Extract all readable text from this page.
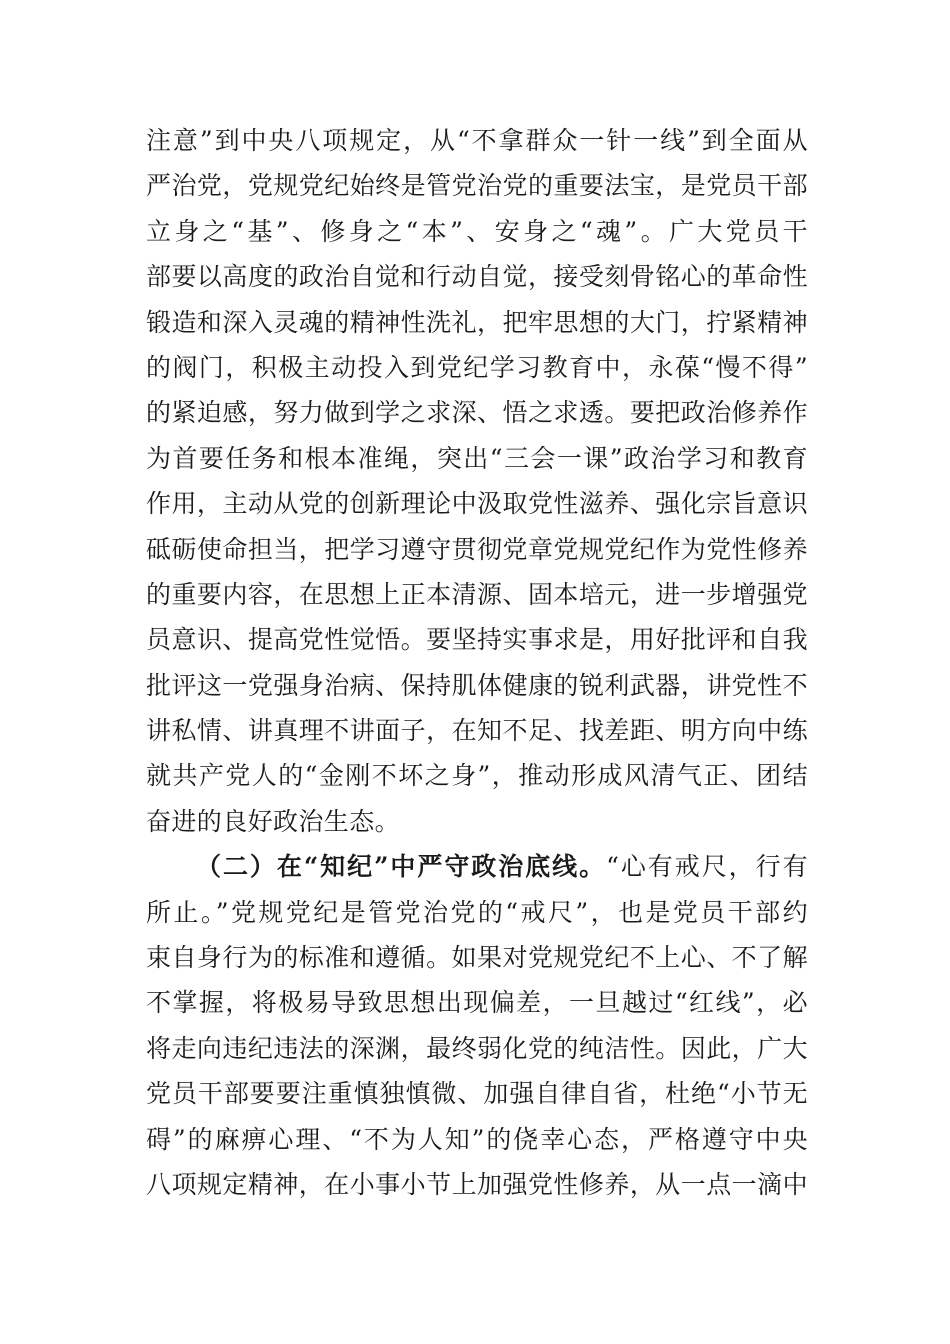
注意”到中央八项规定，从“不拿群众一针一线”到全面从
严治党，党规党纪始终是管党治党的重要法宝，是党员干部
立身之“基”、修身之“本”、安身之“魂”。广大党员干
部要以高度的政治自觉和行动自觉，接受刻骨铭心的革命性
锻造和深入灵魂的精神性洗礼，把牢思想的大门，拧紧精神
的阀门，积极主动投入到党纪学习教育中，永葆“慢不得”
的紧迫感，努力做到学之求深、悟之求透。要把政治修养作
为首要任务和根本准绳，突出“三会一课”政治学习和教育
作用，主动从党的创新理论中汲取党性滋养、强化宗旨意识
砥砺使命担当，把学习遵守贯彻党章党规党纪作为党性修养
的重要内容，在思想上正本清源、固本培元，进一步增强党
员意识、提高党性觉悟。要坚持实事求是，用好批评和自我
批评这一党强身治病、保持肌体健康的锐利武器，讲党性不
讲私情、讲真理不讲面子，在知不足、找差距、明方向中练
就共产党人的“金刚不坏之身”，推动形成风清气正、团结
奋进的良好政治生态。
（二）在“知纪”中严守政治底线。“心有戒尺，行有
所止。”党规党纪是管党治党的“戒尺”，也是党员干部约
束自身行为的标准和遵循。如果对党规党纪不上心、不了解
不掌握，将极易导致思想出现偏差，一旦越过“红线”，必
将走向违纪违法的深渊，最终弱化党的纯洁性。因此，广大
党员干部要要注重慎独慎微、加强自律自省，杜绝“小节无
碍”的麻痹心理、“不为人知”的侥幸心态，严格遵守中央
八项规定精神，在小事小节上加强党性修养，从一点一滴中
